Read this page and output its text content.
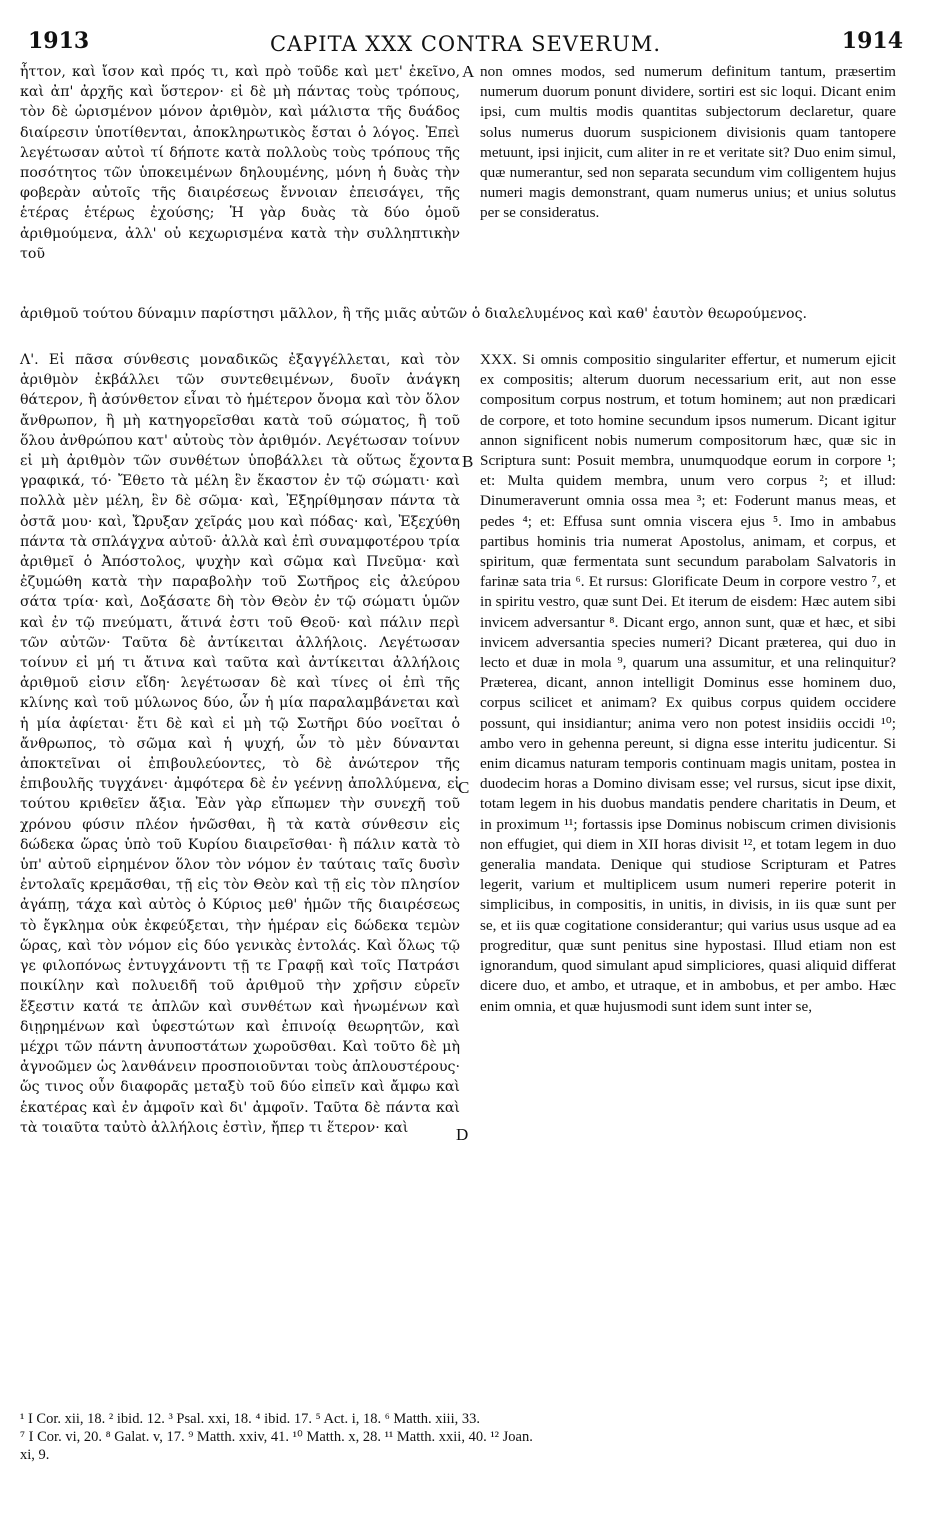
1913	CAPITA XXX CONTRA SEVERUM.	1914

ἧττον, καὶ ἴσον καὶ πρός τι, καὶ πρὸ τοῦδε καὶ μετ' ἐκεῖνο, καὶ ἀπ' ἀρχῆς καὶ ὕστερον· εἰ δὲ μὴ πάντας τοὺς τρόπους, τὸν δὲ ὡρισμένον μόνον ἀριθμὸν, καὶ μάλιστα τῆς δυάδος διαίρεσιν ὑποτίθενται, ἀποκληρωτικὸς ἔσται ὁ λόγος. Ἐπεὶ λεγέτωσαν αὐτοὶ τί δήποτε κατὰ πολλοὺς τοὺς τρόπους τῆς ποσότητος τῶν ὑποκειμένων δηλουμένης, μόνη ἡ δυὰς τὴν φοβερὰν αὐτοῖς τῆς διαιρέσεως ἔννοιαν ἐπεισάγει, τῆς ἑτέρας ἑτέρως ἐχούσης; Ἡ γὰρ δυὰς τὰ δύο ὁμοῦ ἀριθμούμενα, ἀλλ' οὐ κεχωρισμένα κατὰ τὴν συλληπτικὴν τοῦ

non omnes modos, sed numerum definitum tantum, præsertim numerum duorum ponunt dividere, sortiri est sic loqui. Dicant enim ipsi, cum multis modis quantitas subjectorum declaretur, quare solus numerus duorum suspicionem divisionis quam tantopere metuunt, ipsi injicit, cum aliter in re et veritate sit? Duo enim simul, quæ numerantur, sed non separata secundum vim colligentem hujus numeri magis demonstrant, quam numerus unius; et unius solutus per se consideratus.

ἀριθμοῦ τούτου δύναμιν παρίστησι μᾶλλον, ἢ τῆς μιᾶς αὐτῶν ὁ διαλελυμένος καὶ καθ' ἑαυτὸν θεωρούμενος.

Λ'. Εἰ πᾶσα σύνθεσις μοναδικῶς ἐξαγγέλλεται, καὶ τὸν ἀριθμὸν ἐκβάλλει τῶν συντεθειμένων, δυοῖν ἀνάγκη θάτερον, ἢ ἀσύνθετον εἶναι τὸ ἡμέτερον ὄνομα καὶ τὸν ὅλον ἄνθρωπον, ἢ μὴ κατηγορεῖσθαι κατὰ τοῦ σώματος, ἢ τοῦ ὅλου ἀνθρώπου κατ' αὐτοὺς τὸν ἀριθμόν. Λεγέτωσαν τοίνυν εἰ μὴ ἀριθμὸν τῶν συνθέτων ὑποβάλλει τὰ οὕτως ἔχοντα γραφικά, τό· Ἔθετο τὰ μέλη ἓν ἕκαστον ἐν τῷ σώματι· καὶ πολλὰ μὲν μέλη, ἓν δὲ σῶμα· καὶ, Ἐξηρίθμησαν πάντα τὰ ὀστᾶ μου· καὶ, Ὤρυξαν χεῖράς μου καὶ πόδας· καὶ, Ἐξεχύθη πάντα τὰ σπλάγχνα αὐτοῦ· ἀλλὰ καὶ ἐπὶ συναμφοτέρου τρία ἀριθμεῖ ὁ Ἀπόστολος, ψυχὴν καὶ σῶμα καὶ Πνεῦμα· καὶ ἐζυμώθη κατὰ τὴν παραβολὴν τοῦ Σωτῆρος εἰς ἀλεύρου σάτα τρία· καὶ, Δοξάσατε δὴ τὸν Θεὸν ἐν τῷ σώματι ὑμῶν καὶ ἐν τῷ πνεύματι, ἅτινά ἐστι τοῦ Θεοῦ· καὶ πάλιν περὶ τῶν αὐτῶν· Ταῦτα δὲ ἀντίκειται ἀλλήλοις. Λεγέτωσαν τοίνυν εἰ μή τι ἄτινα καὶ ταῦτα καὶ ἀντίκειται ἀλλήλοις ἀριθμοῦ εἰσιν εἴδη· λεγέτωσαν δὲ καὶ τίνες οἱ ἐπὶ τῆς κλίνης καὶ τοῦ μύλωνος δύο, ὧν ἡ μία παραλαμβάνεται καὶ ἡ μία ἀφίεται· ἔτι δὲ καὶ εἰ μὴ τῷ Σωτῆρι δύο νοεῖται ὁ ἄνθρωπος, τὸ σῶμα καὶ ἡ ψυχή, ὧν τὸ μὲν δύνανται ἀποκτεῖναι οἱ ἐπιβουλεύοντες, τὸ δὲ ἀνώτερον τῆς ἐπιβουλῆς τυγχάνει· ἀμφότερα δὲ ἐν γεέννῃ ἀπολλύμενα, εἰ τούτου κριθεῖεν ἄξια. Ἐὰν γὰρ εἴπωμεν τὴν συνεχῆ τοῦ χρόνου φύσιν πλέον ἡνῶσθαι, ἢ τὰ κατὰ σύνθεσιν εἰς δώδεκα ὥρας ὑπὸ τοῦ Κυρίου διαιρεῖσθαι· ἢ πάλιν κατὰ τὸ ὑπ' αὐτοῦ εἰρημένον ὅλον τὸν νόμον ἐν ταύταις ταῖς δυσὶν ἐντολαῖς κρεμᾶσθαι, τῇ εἰς τὸν Θεὸν καὶ τῇ εἰς τὸν πλησίον ἀγάπῃ, τάχα καὶ αὐτὸς ὁ Κύριος μεθ' ἡμῶν τῆς διαιρέσεως τὸ ἔγκλημα οὐκ ἐκφεύξεται, τὴν ἡμέραν εἰς δώδεκα τεμὼν ὥρας, καὶ τὸν νόμον εἰς δύο γενικὰς ἐντολάς. Καὶ ὅλως τῷ γε φιλοπόνως ἐντυγχάνοντι τῇ τε Γραφῇ καὶ τοῖς Πατράσι ποικίλην καὶ πολυειδῆ τοῦ ἀριθμοῦ τὴν χρῆσιν εὑρεῖν ἔξεστιν κατά τε ἁπλῶν καὶ συνθέτων καὶ ἡνωμένων καὶ διῃρημένων καὶ ὑφεστώτων καὶ ἐπινοίᾳ θεωρητῶν, καὶ μέχρι τῶν πάντη ἀνυποστάτων χωροῦσθαι. Καὶ τοῦτο δὲ μὴ ἀγνοῶμεν ὡς λανθάνειν προσποιοῦνται τοὺς ἁπλουστέρους· ὥς τινος οὖν διαφορᾶς μεταξὺ τοῦ δύο εἰπεῖν καὶ ἄμφω καὶ ἑκατέρας καὶ ἐν ἀμφοῖν καὶ δι' ἀμφοῖν. Ταῦτα δὲ πάντα καὶ τὰ τοιαῦτα ταὐτὸ ἀλλήλοις ἐστὶν, ἤπερ τι ἕτερον· καὶ

XXX. Si omnis compositio singulariter effertur, et numerum ejicit ex compositis; alterum duorum necessarium erit, aut non esse compositum corpus nostrum, et totum hominem; aut non prædicari de corpore, et toto homine secundum ipsos numerum. Dicant igitur annon significent nobis numerum compositorum hæc, quæ sic in Scriptura sunt: Posuit membra, unumquodque eorum in corpore ¹; et: Multa quidem membra, unum vero corpus ²; et illud: Dinumeraverunt omnia ossa mea ³; et: Foderunt manus meas, et pedes ⁴; et: Effusa sunt omnia viscera ejus ⁵. Imo in ambabus partibus hominis tria numerat Apostolus, animam, et corpus, et spiritum, quæ fermentata sunt secundum parabolam Salvatoris in farinæ sata tria ⁶. Et rursus: Glorificate Deum in corpore vestro ⁷, et in spiritu vestro, quæ sunt Dei. Et iterum de eisdem: Hæc autem sibi invicem adversantur ⁸. Dicant ergo, annon sunt, quæ et hæc, et sibi invicem adversantia species numeri? Dicant præterea, qui duo in lecto et duæ in mola ⁹, quarum una assumitur, et una relinquitur? Præterea, dicant, annon intelligit Dominus esse hominem duo, corpus scilicet et animam? Ex quibus corpus quidem occidere possunt, qui insidiantur; anima vero non potest insidiis occidi ¹⁰; ambo vero in gehenna pereunt, si digna esse interitu judicentur. Si enim dicamus naturam temporis continuam magis unitam, postea in duodecim horas a Domino divisam esse; vel rursus, sicut ipse dixit, totam legem in his duobus mandatis pendere charitatis in Deum, et in proximum ¹¹; fortassis ipse Dominus nobiscum crimen divisionis non effugiet, qui diem in XII horas divisit ¹², et totam legem in duo generalia mandata. Denique qui studiose Scripturam et Patres legerit, varium et multiplicem usum numeri reperire poterit in simplicibus, in compositis, in unitis, in divisis, in iis quæ sunt per se, et iis quæ cogitatione considerantur; qui varius usus usque ad ea progreditur, quæ sunt penitus sine hypostasi. Illud etiam non est ignorandum, quod simulant apud simpliciores, quasi aliquid differat dicere duo, et ambo, et utraque, et in ambobus, et per ambo. Hæc enim omnia, et quæ hujusmodi sunt idem sunt inter se,

A
B
C
D
¹ I Cor. xii, 18. ² ibid. 12. ³ Psal. xxi, 18. ⁴ ibid. 17. ⁵ Act. i, 18. ⁶ Matth. xiii, 33.
⁷ I Cor. vi, 20. ⁸ Galat. v, 17. ⁹ Matth. xxiv, 41. ¹⁰ Matth. x, 28. ¹¹ Matth. xxii, 40. ¹² Joan.
xi, 9.
